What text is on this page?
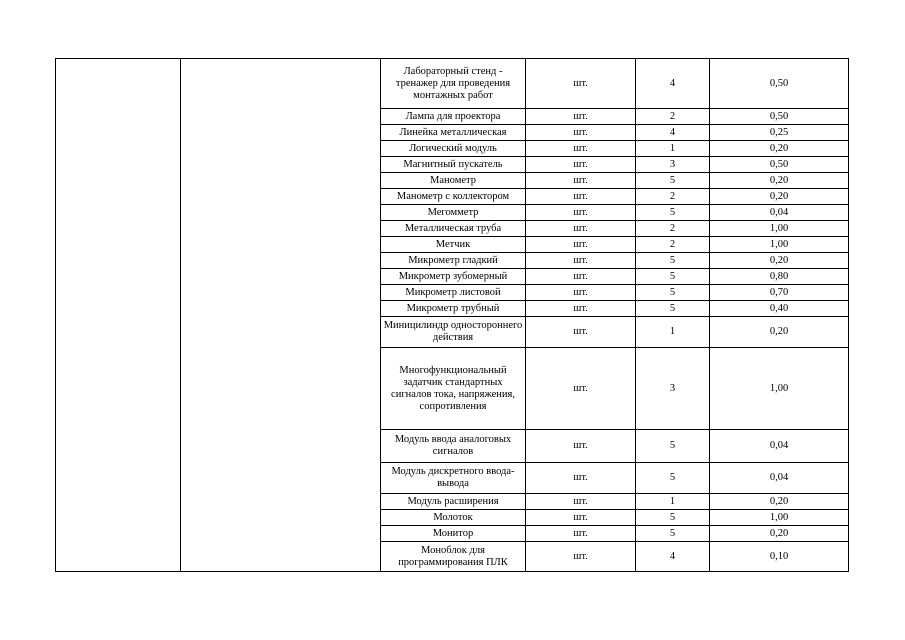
		Лабораторный стенд - тренажер для проведения монтажных работ	шт.	4	0,50
		Лампа для проектора	шт.	2	0,50
		Линейка металлическая	шт.	4	0,25
		Логический модуль	шт.	1	0,20
		Магнитный пускатель	шт.	3	0,50
		Манометр	шт.	5	0,20
		Манометр с коллектором	шт.	2	0,20
		Мегомметр	шт.	5	0,04
		Металлическая труба	шт.	2	1,00
		Метчик	шт.	2	1,00
		Микрометр гладкий	шт.	5	0,20
		Микрометр зубомерный	шт.	5	0,80
		Микрометр листовой	шт.	5	0,70
		Микрометр трубный	шт.	5	0,40
		Миницилиндр одностороннего действия	шт.	1	0,20
		Многофункциональный задатчик стандартных сигналов тока, напряжения, сопротивления	шт.	3	1,00
		Модуль ввода аналоговых сигналов	шт.	5	0,04
		Модуль дискретного ввода-вывода	шт.	5	0,04
		Модуль расширения	шт.	1	0,20
		Молоток	шт.	5	1,00
		Монитор	шт.	5	0,20
		Моноблок для программирования ПЛК	шт.	4	0,10
